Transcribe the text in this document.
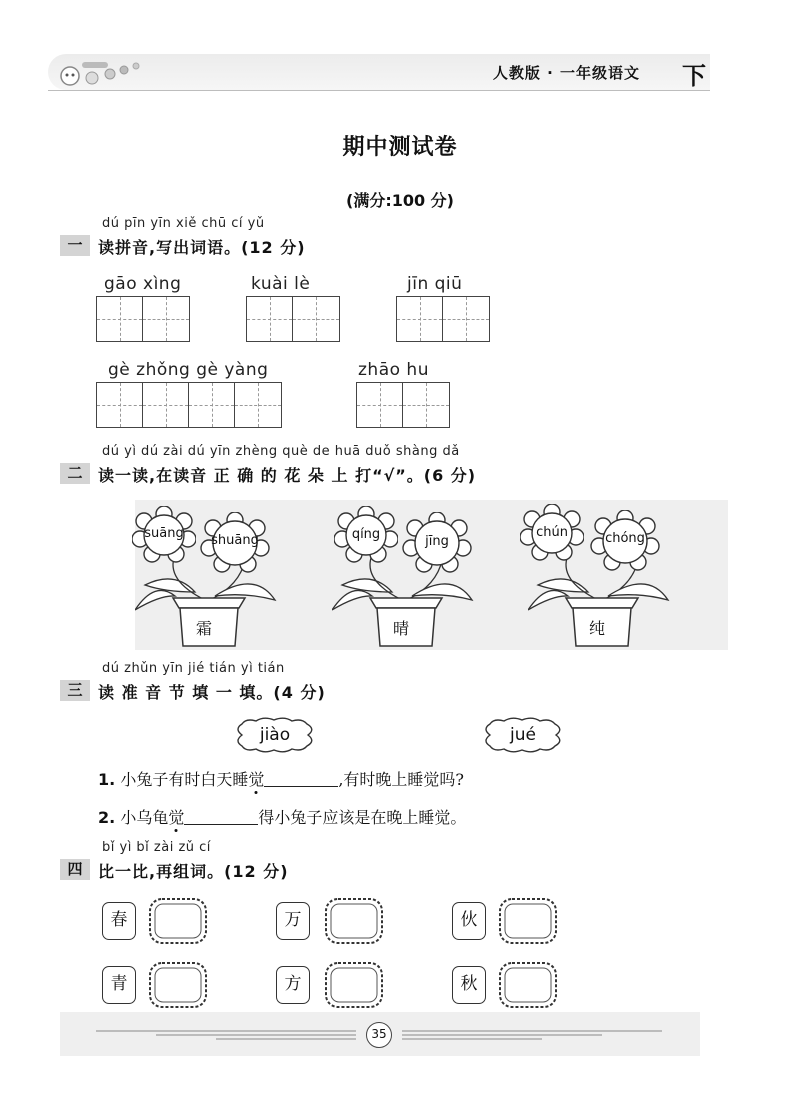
人教版 · 一年级语文 下
期中测试卷
(满分:100 分)
dú pīn yīn xiě chū cí yǔ
一 读拼音,写出词语。(12 分)
gāo xìng	kuài lè	jīn qiū
gè zhǒng gè yàng	zhāo hu
dú yì dú zài dú yīn zhèng què de huā duǒ shàng dǎ
二 读一读,在读音 正 确 的 花 朵 上 打“√”。(6 分)
suāng	shuāng
霜
qíng	jīng
晴
chún	chóng
纯
dú zhǔn yīn jié tián yì tián
三 读 准 音 节 填 一 填。(4 分)
jiào	jué
1. 小兔子有时白天睡觉	,有时晚上睡觉吗?
2. 小乌龟觉	得小兔子应该是在晚上睡觉。
bǐ yì bǐ zài zǔ cí
四 比一比,再组词。(12 分)
春	万	伙
青	方	秋
35
